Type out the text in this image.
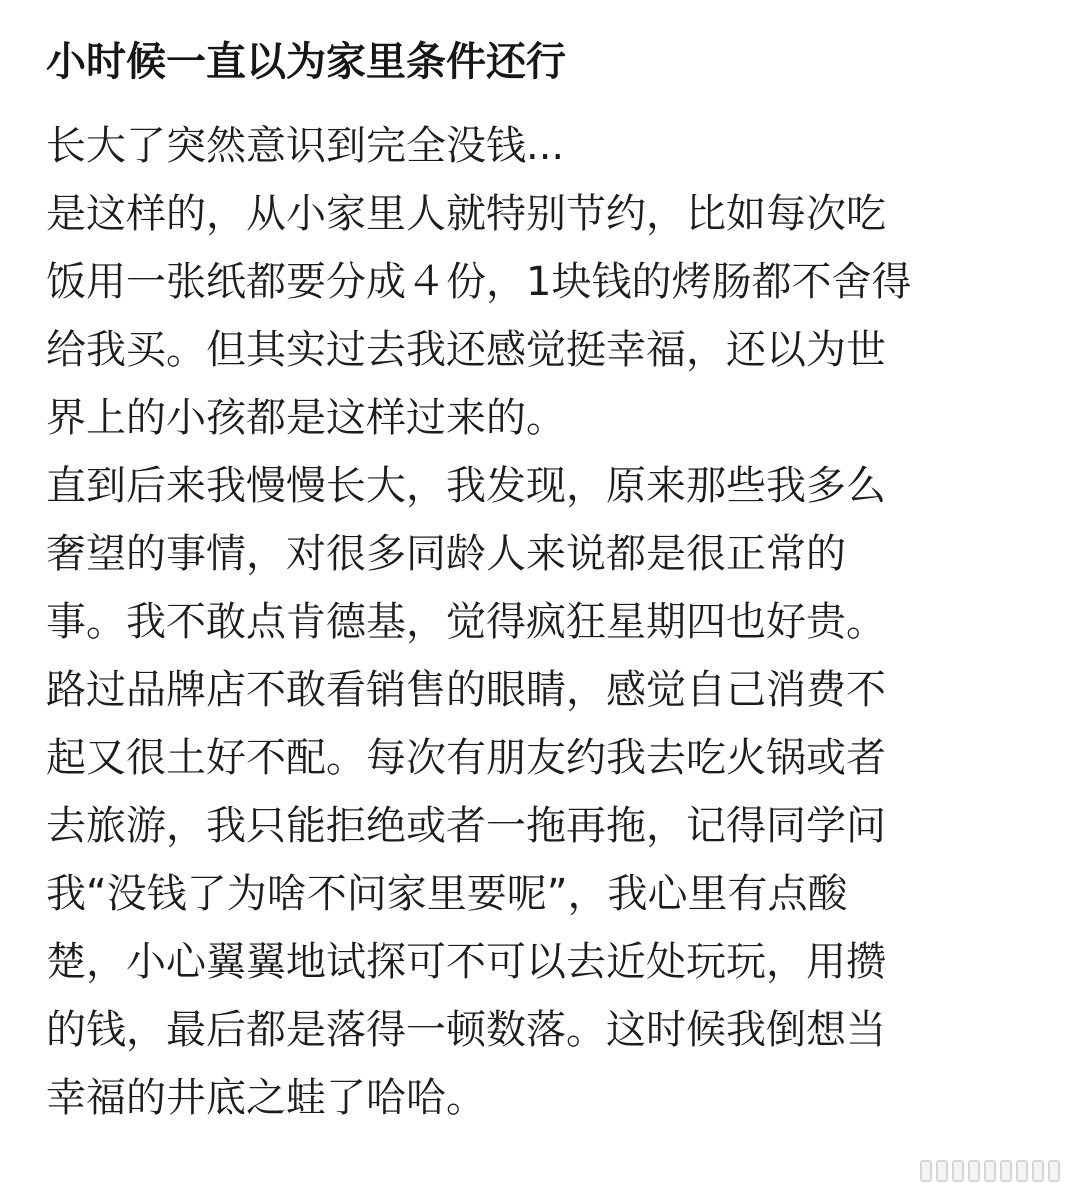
小时候一直以为家里条件还行
长大了突然意识到完全没钱...
是这样的，从小家里人就特别节约，比如每次吃
饭用一张纸都要分成４份，1块钱的烤肠都不舍得
给我买。但其实过去我还感觉挺幸福，还以为世
界上的小孩都是这样过来的。
直到后来我慢慢长大，我发现，原来那些我多么
奢望的事情，对很多同龄人来说都是很正常的
事。我不敢点肯德基，觉得疯狂星期四也好贵。
路过品牌店不敢看销售的眼睛，感觉自己消费不
起又很土好不配。每次有朋友约我去吃火锅或者
去旅游，我只能拒绝或者一拖再拖，记得同学问
我“没钱了为啥不问家里要呢”，我心里有点酸
楚，小心翼翼地试探可不可以去近处玩玩，用攒
的钱，最后都是落得一顿数落。这时候我倒想当
幸福的井底之蛙了哈哈。
